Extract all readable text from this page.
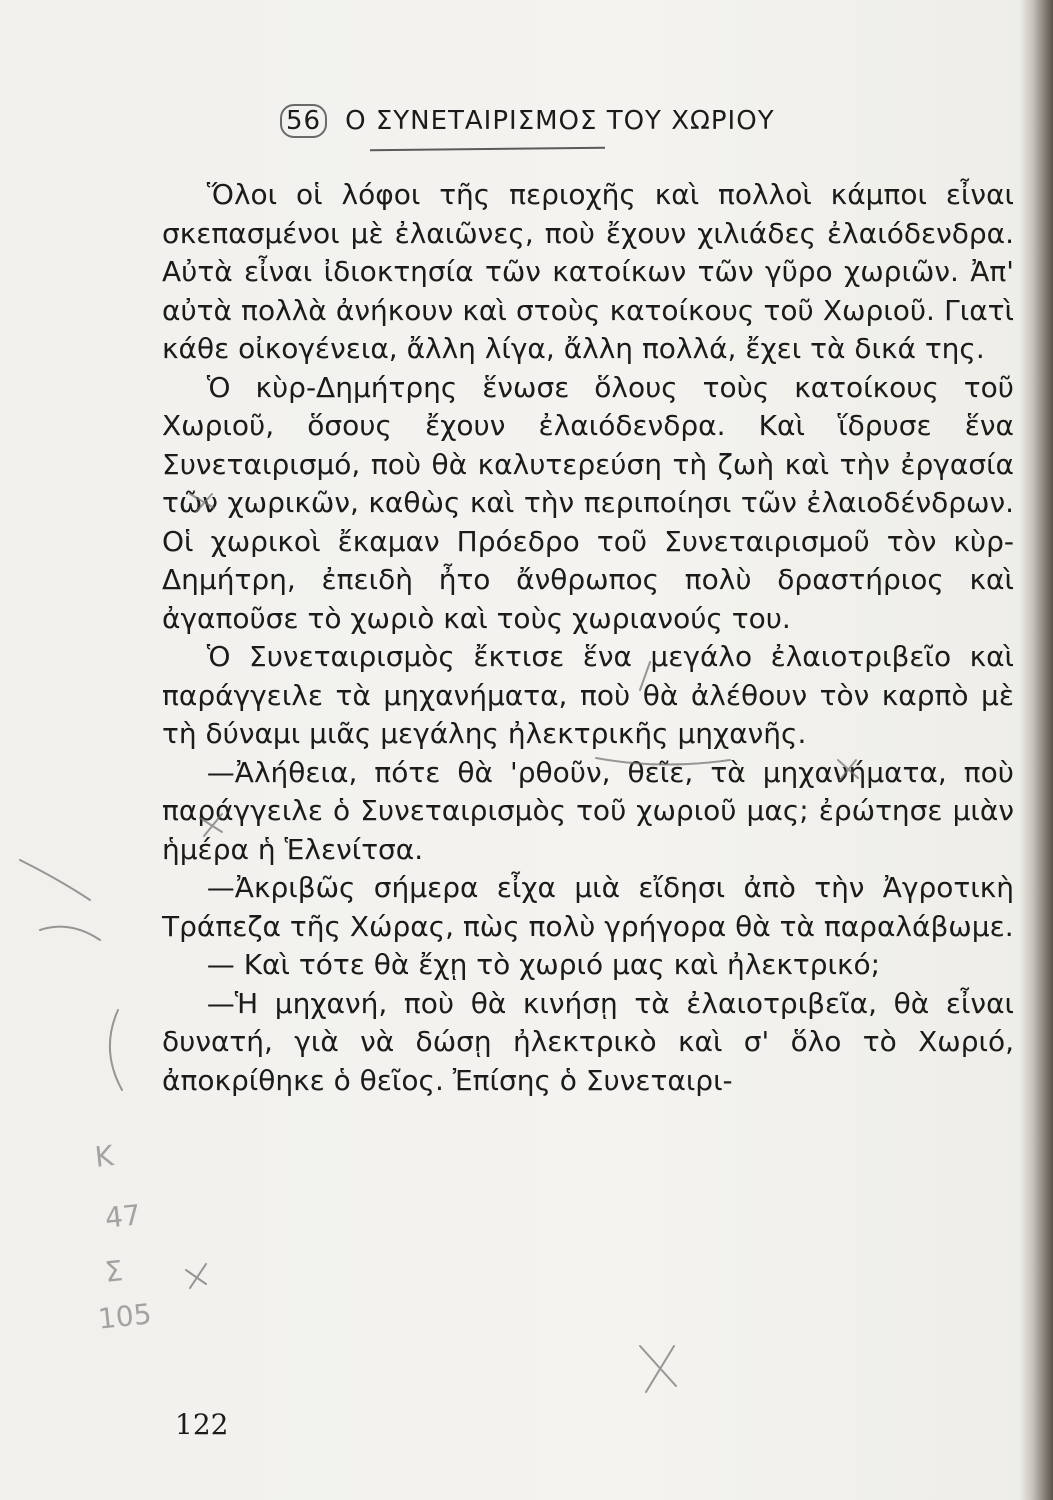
56 Ο ΣΥΝΕΤΑΙΡΙΣΜΟΣ ΤΟΥ ΧΩΡΙΟΥ

Ὅλοι οἱ λόφοι τῆς περιοχῆς καὶ πολλοὶ κάμποι εἶναι σκεπασμένοι μὲ ἐλαιῶνες, ποὺ ἔχουν χιλιάδες ἐλαιόδενδρα. Αὐτὰ εἶναι ἰδιοκτησία τῶν κατοίκων τῶν γῦρο χωριῶν. Ἀπ' αὐτὰ πολλὰ ἀνήκουν καὶ στοὺς κατοίκους τοῦ Χωριοῦ. Γιατὶ κάθε οἰκογένεια, ἄλλη λίγα, ἄλλη πολλά, ἔχει τὰ δικά της.

Ὁ κὺρ-Δημήτρης ἕνωσε ὅλους τοὺς κατοίκους τοῦ Χωριοῦ, ὅσους ἔχουν ἐλαιόδενδρα. Καὶ ἵδρυσε ἕνα Συνεταιρισμό, ποὺ θὰ καλυτερεύση τὴ ζωὴ καὶ τὴν ἐργασία τῶν χωρικῶν, καθὼς καὶ τὴν περιποίησι τῶν ἐλαιοδένδρων. Οἱ χωρικοὶ ἔκαμαν Πρόεδρο τοῦ Συνεταιρισμοῦ τὸν κὺρ-Δημήτρη, ἐπειδὴ ἦτο ἄνθρωπος πολὺ δραστήριος καὶ ἀγαποῦσε τὸ χωριὸ καὶ τοὺς χωριανούς του.

Ὁ Συνεταιρισμὸς ἔκτισε ἕνα μεγάλο ἐλαιοτριβεῖο καὶ παράγγειλε τὰ μηχανήματα, ποὺ θὰ ἀλέθουν τὸν καρπὸ μὲ τὴ δύναμι μιᾶς μεγάλης ἠλεκτρικῆς μηχανῆς.

—Ἀλήθεια, πότε θὰ 'ρθοῦν, θεῖε, τὰ μηχανήματα, ποὺ παράγγειλε ὁ Συνεταιρισμὸς τοῦ χωριοῦ μας; ἐρώτησε μιὰν ἡμέρα ἡ Ἑλενίτσα.

—Ἀκριβῶς σήμερα εἶχα μιὰ εἴδησι ἀπὸ τὴν Ἀγροτικὴ Τράπεζα τῆς Χώρας, πὼς πολὺ γρήγορα θὰ τὰ παραλάβωμε.

— Καὶ τότε θὰ ἔχῃ τὸ χωριό μας καὶ ἠλεκτρικό;

—Ἡ μηχανή, ποὺ θὰ κινήσῃ τὰ ἐλαιοτριβεῖα, θὰ εἶναι δυνατή, γιὰ νὰ δώσῃ ἠλεκτρικὸ καὶ σ' ὅλο τὸ Χωριό, ἀποκρίθηκε ὁ θεῖος. Ἐπίσης ὁ Συνεταιρι-

122
K
47
Σ
105
